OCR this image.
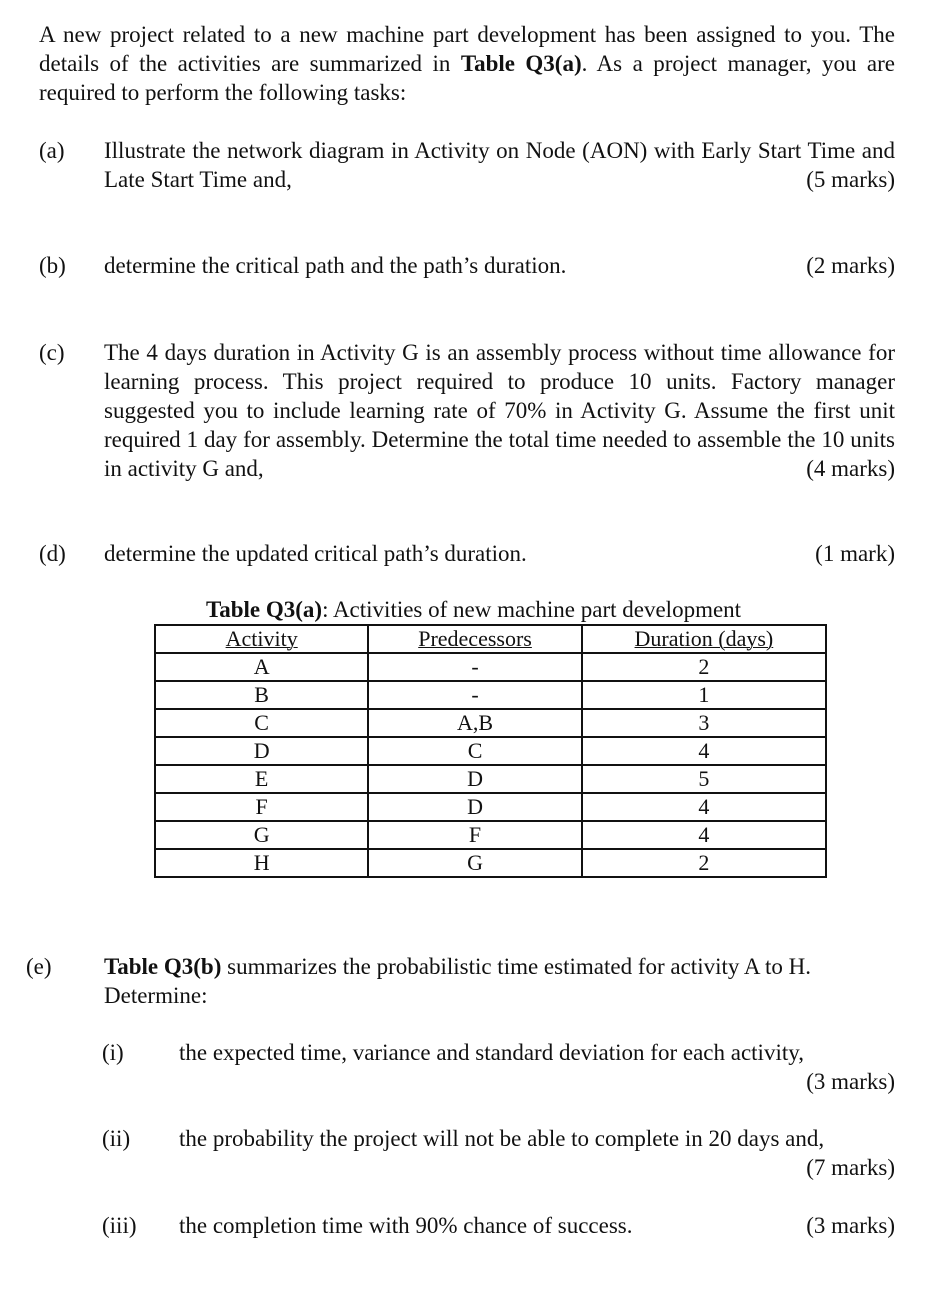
A new project related to a new machine part development has been assigned to you. The details of the activities are summarized in Table Q3(a). As a project manager, you are required to perform the following tasks:
(a) Illustrate the network diagram in Activity on Node (AON) with Early Start Time and Late Start Time and,	(5 marks)
(b)	(2 marks)
determine the critical path and the path’s duration.
(c) The 4 days duration in Activity G is an assembly process without time allowance for learning process. This project required to produce 10 units. Factory manager suggested you to include learning rate of 70% in Activity G. Assume the first unit required 1 day for assembly. Determine the total time needed to assemble the 10 units in activity G and,	(4 marks)
(d)	(1 mark)
determine the updated critical path’s duration.
Table Q3(a): Activities of new machine part development
Activity	Predecessors	Duration (days)
A	-	2
B	-	1
C	A,B	3
D	C	4
E	D	5
F	D	4
G	F	4
H	G	2
(e) Table Q3(b) summarizes the probabilistic time estimated for activity A to H. Determine:
(i) the expected time, variance and standard deviation for each activity,

(3 marks)
(ii) the probability the project will not be able to complete in 20 days and,

(7 marks)
(iii)	(3 marks)
the completion time with 90% chance of success.
